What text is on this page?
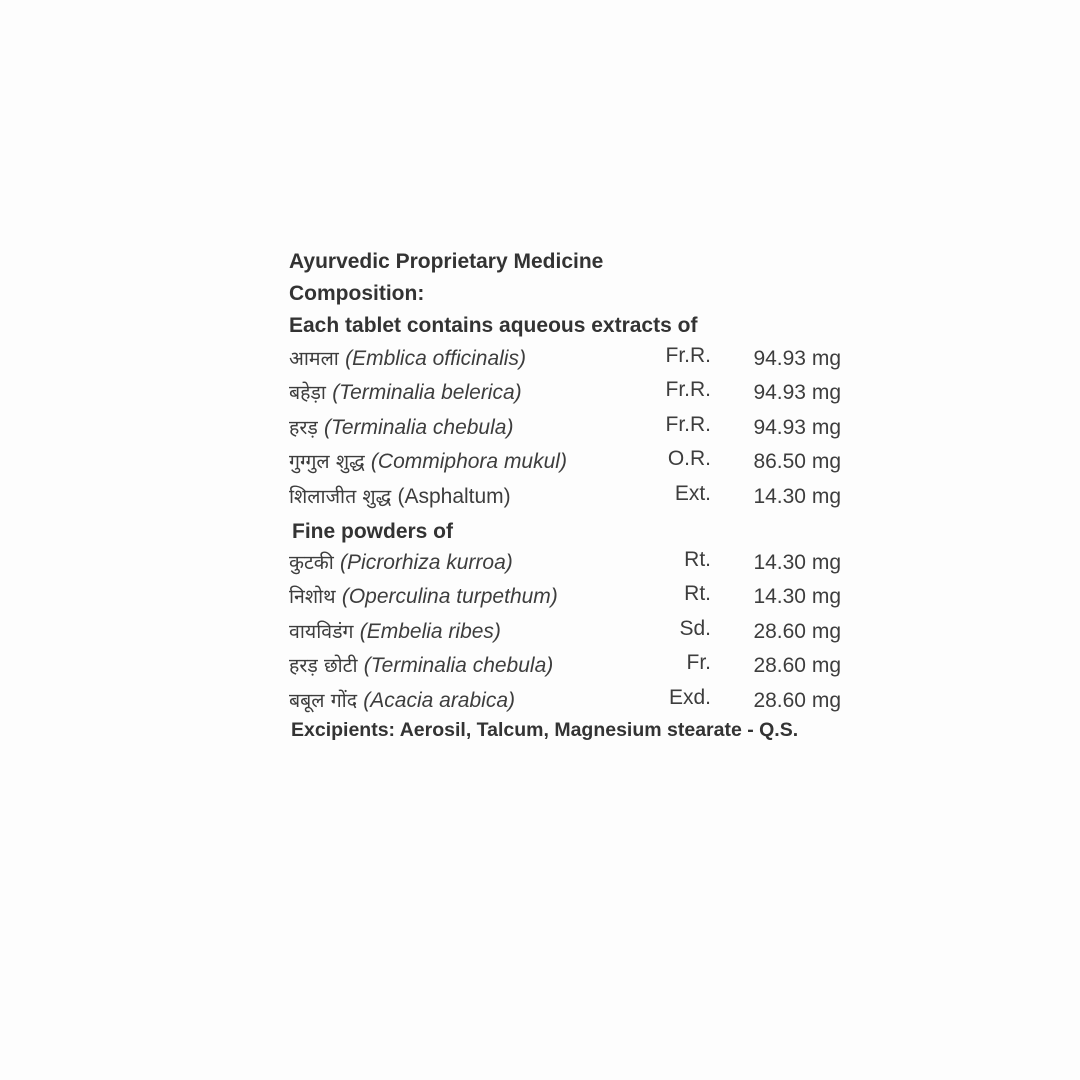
Ayurvedic Proprietary Medicine
Composition:
Each tablet contains aqueous extracts of
आमला (Emblica officinalis)	Fr.R. 94.93 mg
बहेड़ा (Terminalia belerica)	Fr.R. 94.93 mg
हरड़ (Terminalia chebula)	Fr.R. 94.93 mg
गुग्गुल शुद्ध (Commiphora mukul)	O.R. 86.50 mg
शिलाजीत शुद्ध (Asphaltum)	Ext. 14.30 mg
Fine powders of
कुटकी (Picrorhiza kurroa)	Rt. 14.30 mg
निशोथ (Operculina turpethum)	Rt. 14.30 mg
वायविडंग (Embelia ribes)	Sd. 28.60 mg
हरड़ छोटी (Terminalia chebula)	Fr. 28.60 mg
बबूल गोंद (Acacia arabica)	Exd. 28.60 mg
Excipients: Aerosil, Talcum, Magnesium stearate - Q.S.
